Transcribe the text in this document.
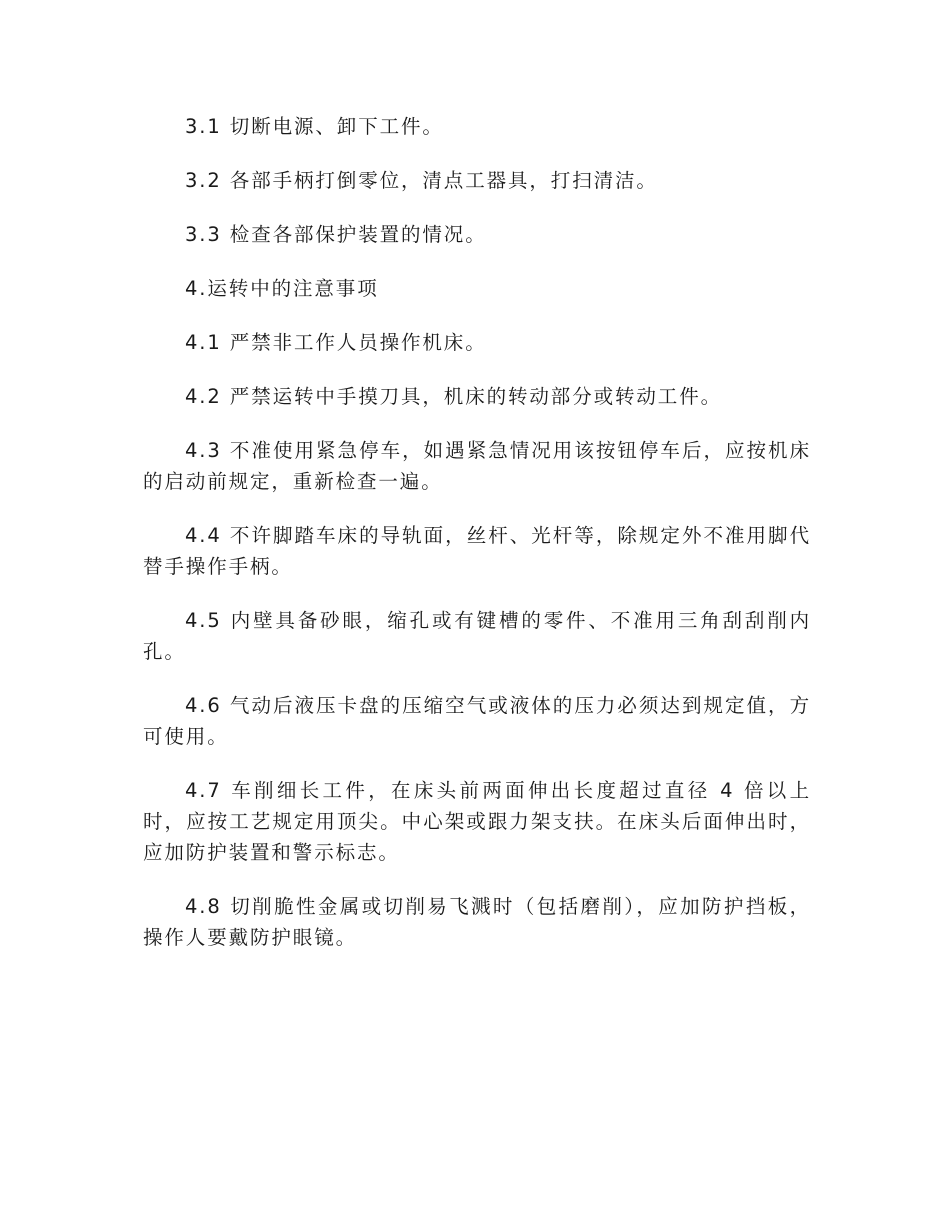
3.1 切断电源、卸下工件。

3.2 各部手柄打倒零位，清点工器具，打扫清洁。

3.3 检查各部保护装置的情况。

4.运转中的注意事项

4.1 严禁非工作人员操作机床。

4.2 严禁运转中手摸刀具，机床的转动部分或转动工件。

4.3 不准使用紧急停车，如遇紧急情况用该按钮停车后，应按机床的启动前规定，重新检查一遍。

4.4 不许脚踏车床的导轨面，丝杆、光杆等，除规定外不准用脚代替手操作手柄。

4.5 内壁具备砂眼，缩孔或有键槽的零件、不准用三角刮刮削内孔。

4.6 气动后液压卡盘的压缩空气或液体的压力必须达到规定值，方可使用。

4.7 车削细长工件，在床头前两面伸出长度超过直径 4 倍以上时，应按工艺规定用顶尖。中心架或跟力架支扶。在床头后面伸出时，应加防护装置和警示标志。

4.8 切削脆性金属或切削易飞溅时（包括磨削），应加防护挡板，操作人要戴防护眼镜。
